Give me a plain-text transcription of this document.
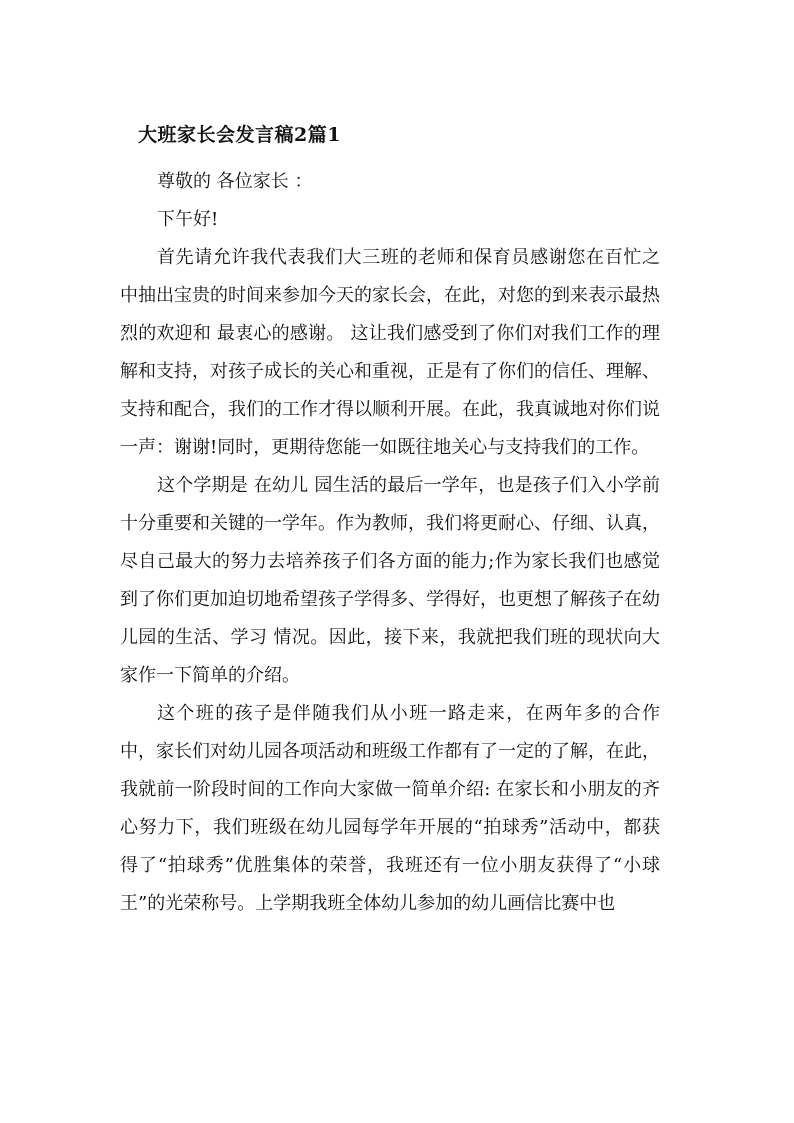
大班家长会发言稿2篇1

尊敬的 各位家长 ：

下午好!

首先请允许我代表我们大三班的老师和保育员感谢您在百忙之 中抽出宝贵的时间来参加今天的家长会，在此，对您的到来表示最热烈的欢迎和 最衷心的感谢。 这让我们感受到了你们对我们工作的理解和支持，对孩子成长的关心和重视，正是有了你们的信任、理解、支持和配合，我们的工作才得以顺利开展。在此，我真诚地对你们说一声：谢谢!同时，更期待您能一如既往地关心与支持我们的工作。

这个学期是 在幼儿 园生活的最后一学年，也是孩子们入小学前十分重要和关键的一学年。作为教师，我们将更耐心、仔细、认真，尽自己最大的努力去培养孩子们各方面的能力;作为家长我们也感觉到了你们更加迫切地希望孩子学得多、学得好，也更想了解孩子在幼儿园的生活、学习 情况。因此，接下来，我就把我们班的现状向大家作一下简单的介绍。

这个班的孩子是伴随我们从小班一路走来，在两年多的合作中，家长们对幼儿园各项活动和班级工作都有了一定的了解，在此，我就前一阶段时间的工作向大家做一简单介绍: 在家长和小朋友的齐心努力下，我们班级在幼儿园每学年开展的“拍球秀”活动中，都获得了“拍球秀”优胜集体的荣誉，我班还有一位小朋友获得了“小球王”的光荣称号。上学期我班全体幼儿参加的幼儿画信比赛中也
